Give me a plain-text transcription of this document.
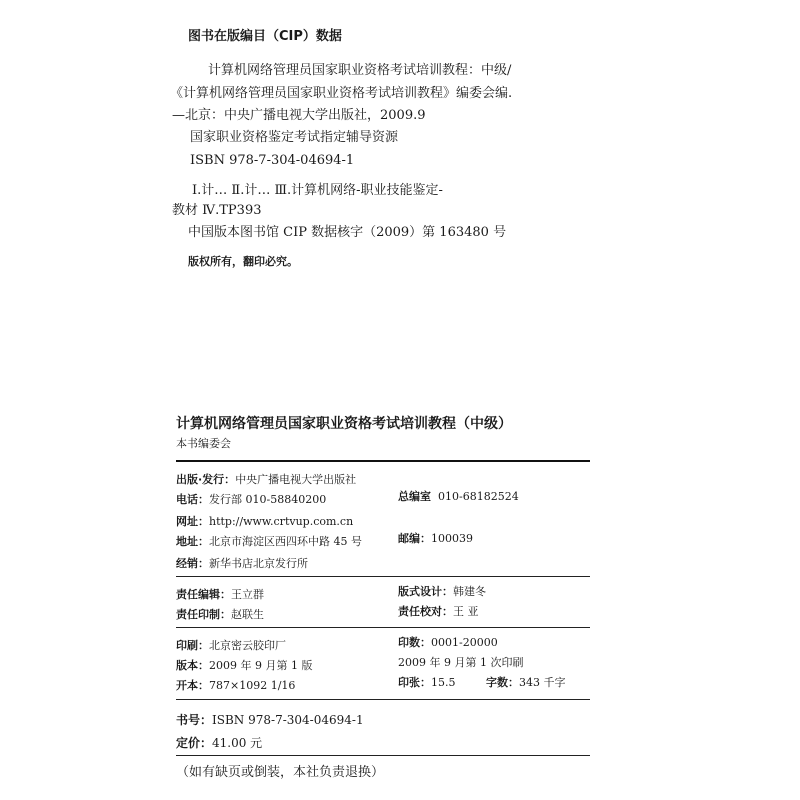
图书在版编目（CIP）数据
计算机网络管理员国家职业资格考试培训教程：中级/
《计算机网络管理员国家职业资格考试培训教程》编委会编.
—北京：中央广播电视大学出版社，2009.9
国家职业资格鉴定考试指定辅导资源
ISBN 978-7-304-04694-1
Ⅰ.计… Ⅱ.计… Ⅲ.计算机网络-职业技能鉴定-
教材 Ⅳ.TP393
中国版本图书馆 CIP 数据核字（2009）第 163480 号
版权所有，翻印必究。
计算机网络管理员国家职业资格考试培训教程（中级）
本书编委会
出版·发行：中央广播电视大学出版社
电话：发行部 010-58840200	总编室 010-68182524
网址：http://www.crtvup.com.cn
地址：北京市海淀区西四环中路 45 号	邮编：100039
经销：新华书店北京发行所
责任编辑：王立群	版式设计：韩建冬
责任印制：赵联生	责任校对：王 亚
印刷：北京密云胶印厂	印数：0001-20000
版本：2009 年 9 月第 1 版	2009 年 9 月第 1 次印刷
开本：787×1092 1/16	印张：15.5	字数：343 千字
书号：ISBN 978-7-304-04694-1
定价：41.00 元
（如有缺页或倒装，本社负责退换）
